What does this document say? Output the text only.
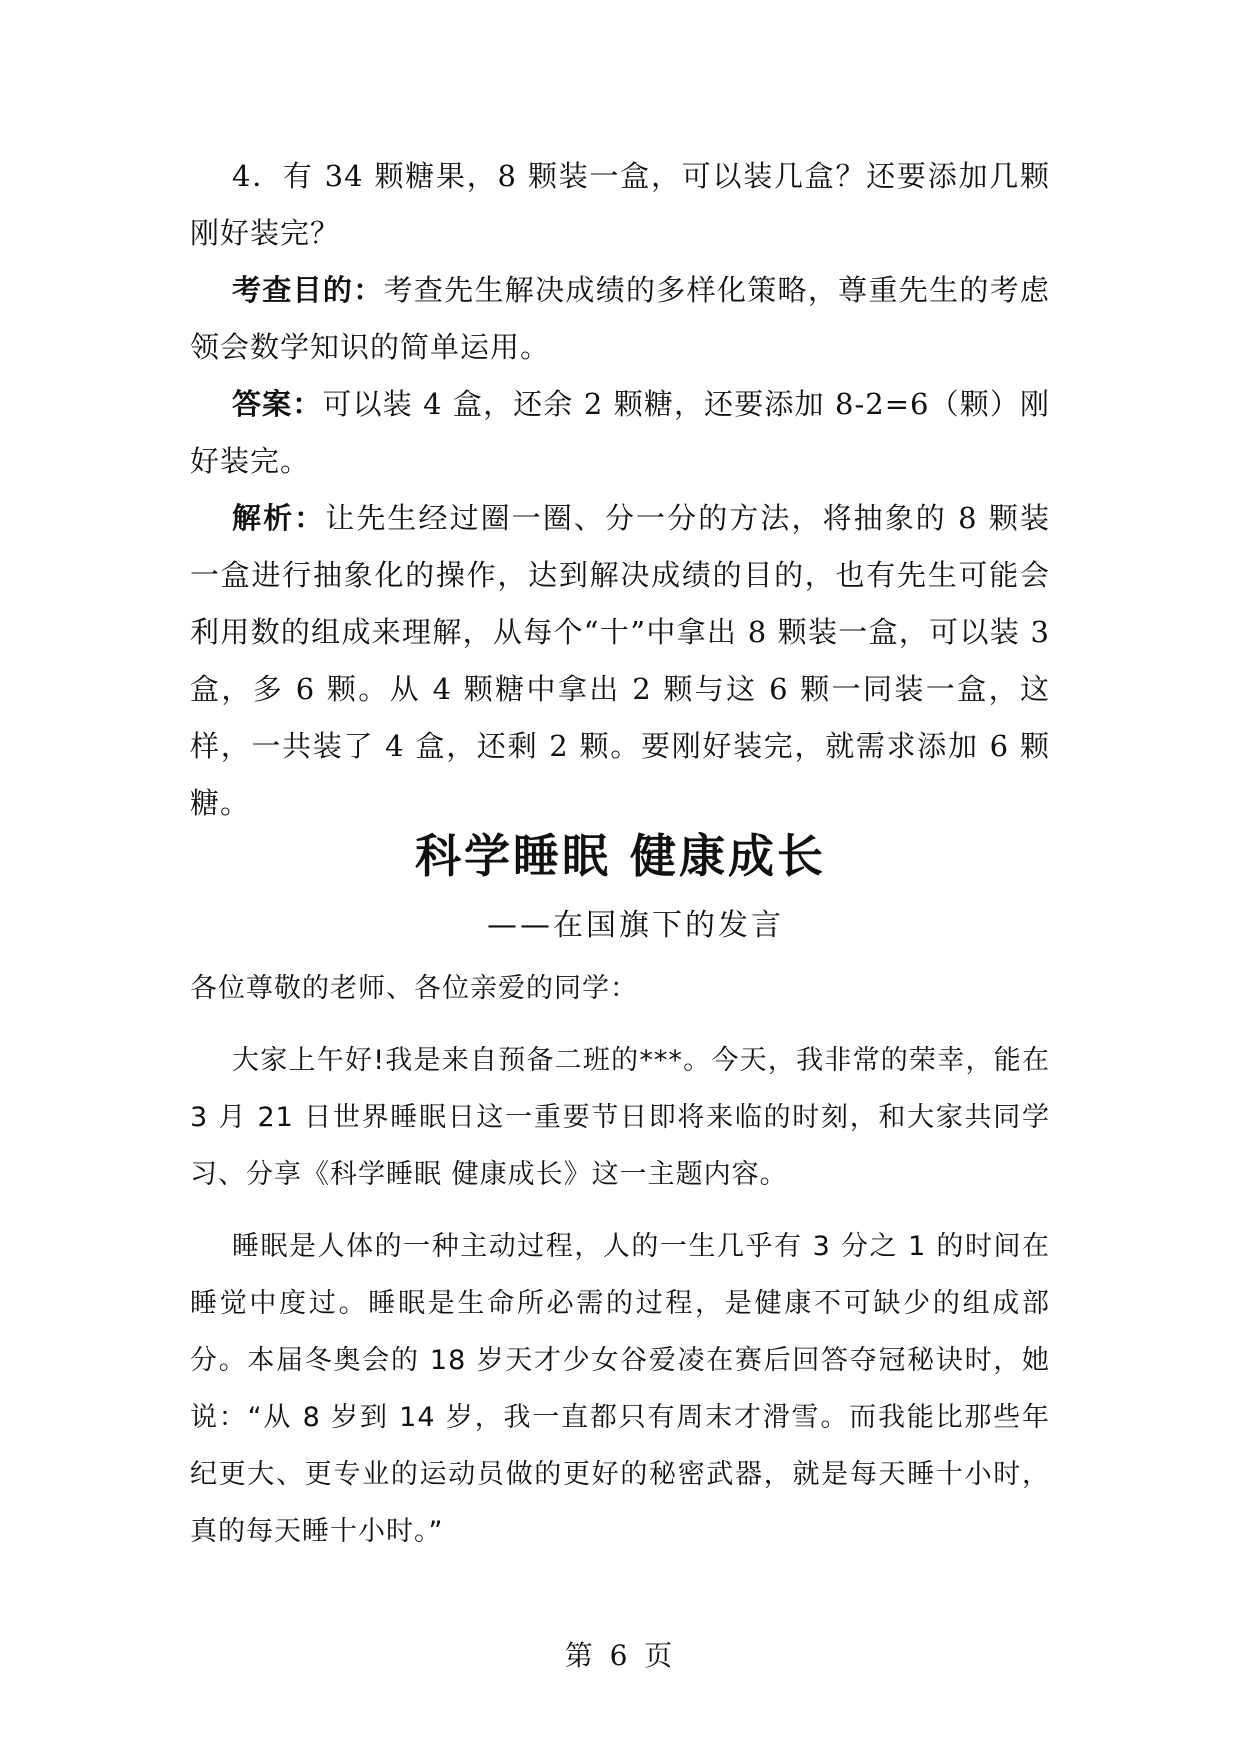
4．有 34 颗糖果，8 颗装一盒，可以装几盒？还要添加几颗刚好装完？
考查目的：考查先生解决成绩的多样化策略，尊重先生的考虑领会数学知识的简单运用。
答案：可以装 4 盒，还余 2 颗糖，还要添加 8-2=6（颗）刚好装完。
解析：让先生经过圈一圈、分一分的方法，将抽象的 8 颗装一盒进行抽象化的操作，达到解决成绩的目的，也有先生可能会利用数的组成来理解，从每个“十”中拿出 8 颗装一盒，可以装 3 盒，多 6 颗。从 4 颗糖中拿出 2 颗与这 6 颗一同装一盒，这样，一共装了 4 盒，还剩 2 颗。要刚好装完，就需求添加 6 颗糖。
科学睡眠 健康成长
——在国旗下的发言
各位尊敬的老师、各位亲爱的同学：
大家上午好!我是来自预备二班的***。今天，我非常的荣幸，能在 3 月 21 日世界睡眠日这一重要节日即将来临的时刻，和大家共同学习、分享《科学睡眠 健康成长》这一主题内容。
睡眠是人体的一种主动过程，人的一生几乎有 3 分之 1 的时间在睡觉中度过。睡眠是生命所必需的过程，是健康不可缺少的组成部分。本届冬奥会的 18 岁天才少女谷爱凌在赛后回答夺冠秘诀时，她说：“从 8 岁到 14 岁，我一直都只有周末才滑雪。而我能比那些年纪更大、更专业的运动员做的更好的秘密武器，就是每天睡十小时，真的每天睡十小时。”
第 6 页
